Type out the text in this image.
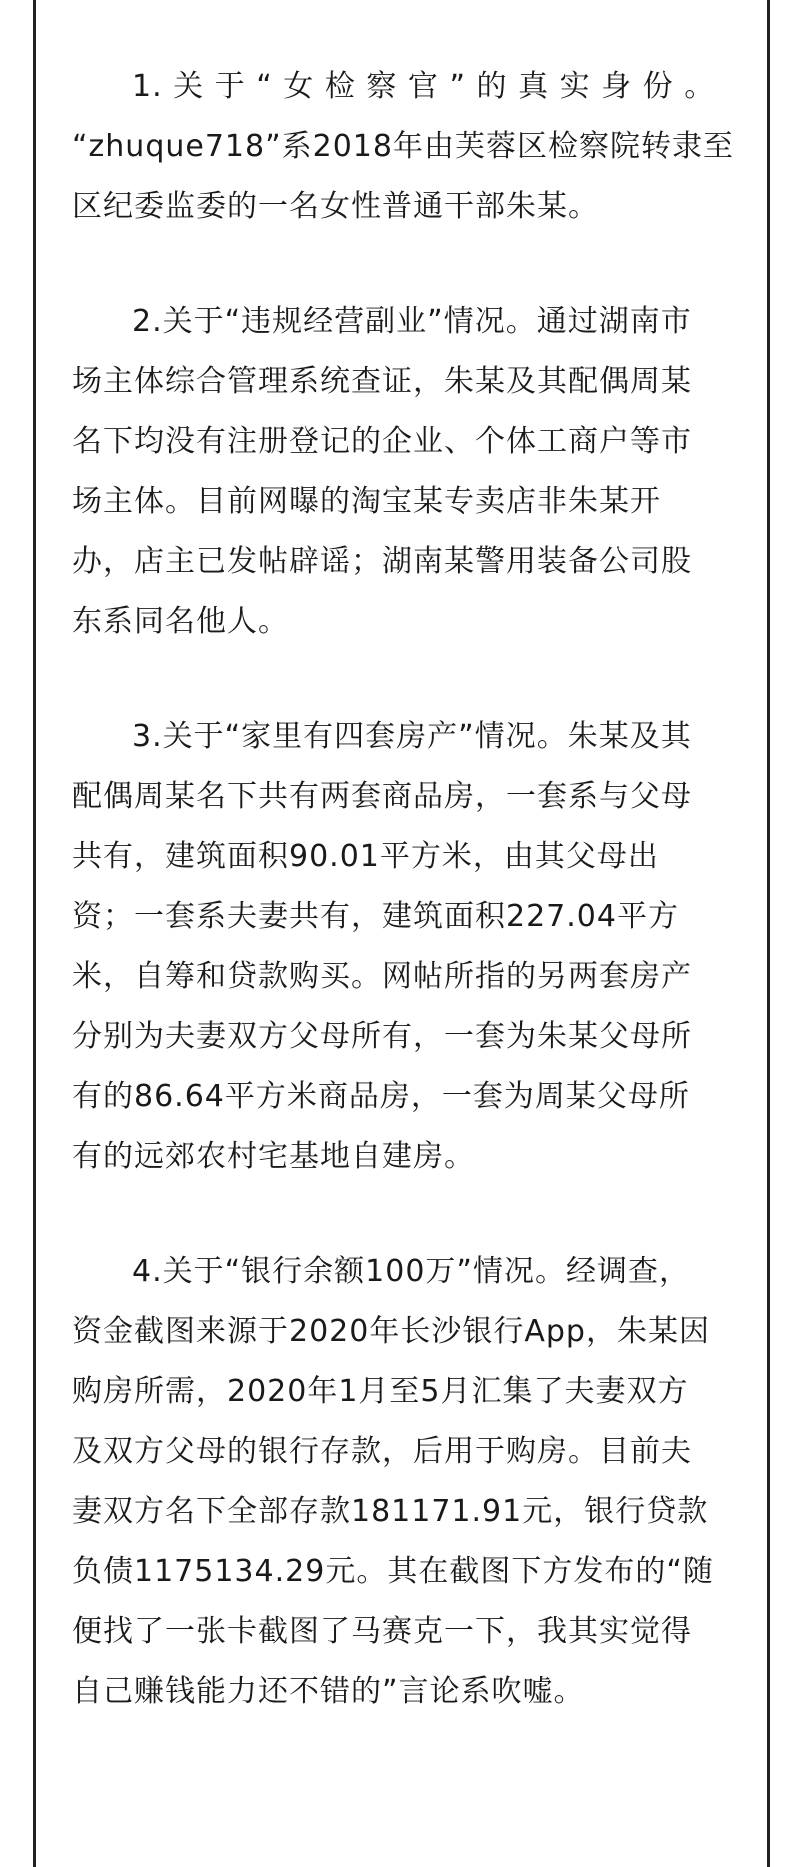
1. 关 于 “ 女 检 察 官 ” 的 真 实 身 份 。
“zhuque718”系2018年由芙蓉区检察院转隶至
区纪委监委的一名女性普通干部朱某。

2.关于“违规经营副业”情况。通过湖南市
场主体综合管理系统查证，朱某及其配偶周某
名下均没有注册登记的企业、个体工商户等市
场主体。目前网曝的淘宝某专卖店非朱某开
办，店主已发帖辟谣；湖南某警用装备公司股
东系同名他人。

3.关于“家里有四套房产”情况。朱某及其
配偶周某名下共有两套商品房，一套系与父母
共有，建筑面积90.01平方米，由其父母出
资；一套系夫妻共有，建筑面积227.04平方
米，自筹和贷款购买。网帖所指的另两套房产
分别为夫妻双方父母所有，一套为朱某父母所
有的86.64平方米商品房，一套为周某父母所
有的远郊农村宅基地自建房。

4.关于“银行余额100万”情况。经调查，
资金截图来源于2020年长沙银行App，朱某因
购房所需，2020年1月至5月汇集了夫妻双方
及双方父母的银行存款，后用于购房。目前夫
妻双方名下全部存款181171.91元，银行贷款
负债1175134.29元。其在截图下方发布的“随
便找了一张卡截图了马赛克一下，我其实觉得
自己赚钱能力还不错的”言论系吹嘘。
